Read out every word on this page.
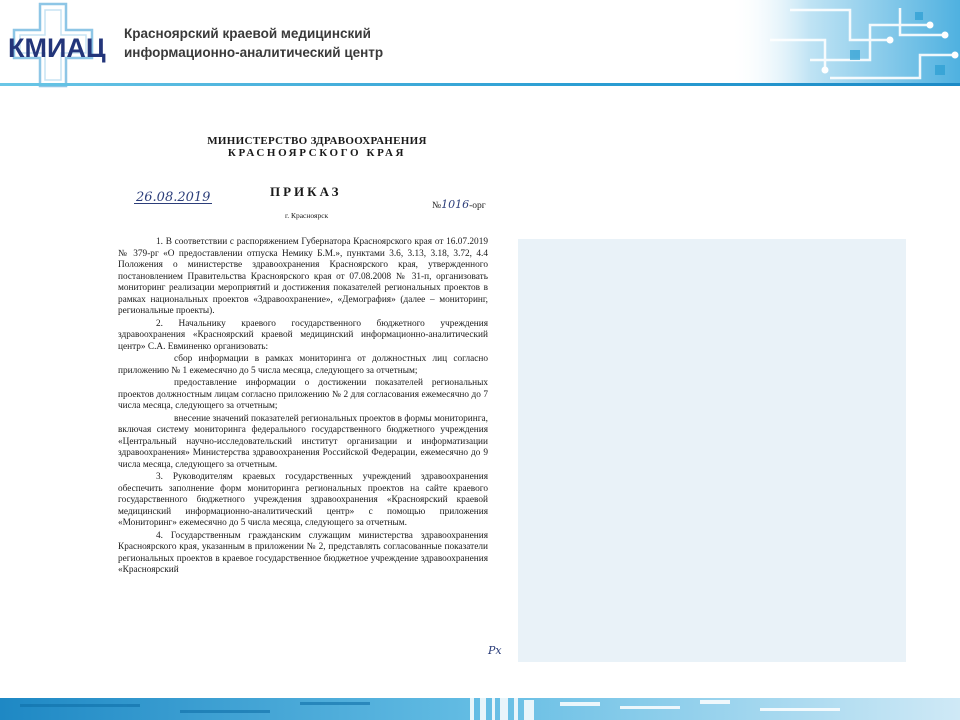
КМИАЦ Красноярский краевой медицинский
информационно-аналитический центр
МИНИСТЕРСТВО ЗДРАВООХРАНЕНИЯ
КРАСНОЯРСКОГО КРАЯ
26.08.2019	ПРИКАЗ
№1016-орг
г. Красноярск

1. В соответствии с распоряжением Губернатора Красноярского края от 16.07.2019 № 379-рг «О предоставлении отпуска Немику Б.М.», пунктами 3.6, 3.13, 3.18, 3.72, 4.4 Положения о министерстве здравоохранения Красноярского края, утвержденного постановлением Правительства Красноярского края от 07.08.2008 № 31-п, организовать мониторинг реализации мероприятий и достижения показателей региональных проектов в рамках национальных проектов «Здравоохранение», «Демография» (далее – мониторинг, региональные проекты).

2. Начальнику краевого государственного бюджетного учреждения здравоохранения «Красноярский краевой медицинский информационно-аналитический центр» С.А. Евминенко организовать:

сбор информации в рамках мониторинга от должностных лиц согласно приложению № 1 ежемесячно до 5 числа месяца, следующего за отчетным;

предоставление информации о достижении показателей региональных проектов должностным лицам согласно приложению № 2 для согласования ежемесячно до 7 числа месяца, следующего за отчетным;

внесение значений показателей региональных проектов в формы мониторинга, включая систему мониторинга федерального государственного бюджетного учреждения «Центральный научно-исследовательский институт организации и информатизации здравоохранения» Министерства здравоохранения Российской Федерации, ежемесячно до 9 числа месяца, следующего за отчетным.

3. Руководителям краевых государственных учреждений здравоохранения обеспечить заполнение форм мониторинга региональных проектов на сайте краевого государственного бюджетного учреждения здравоохранения «Красноярский краевой медицинский информационно-аналитический центр» с помощью приложения «Мониторинг» ежемесячно до 5 числа месяца, следующего за отчетным.

4. Государственным гражданским служащим министерства здравоохранения Красноярского края, указанным в приложении № 2, представлять согласованные показатели региональных проектов в краевое государственное бюджетное учреждение здравоохранения «Красноярский

Рх
